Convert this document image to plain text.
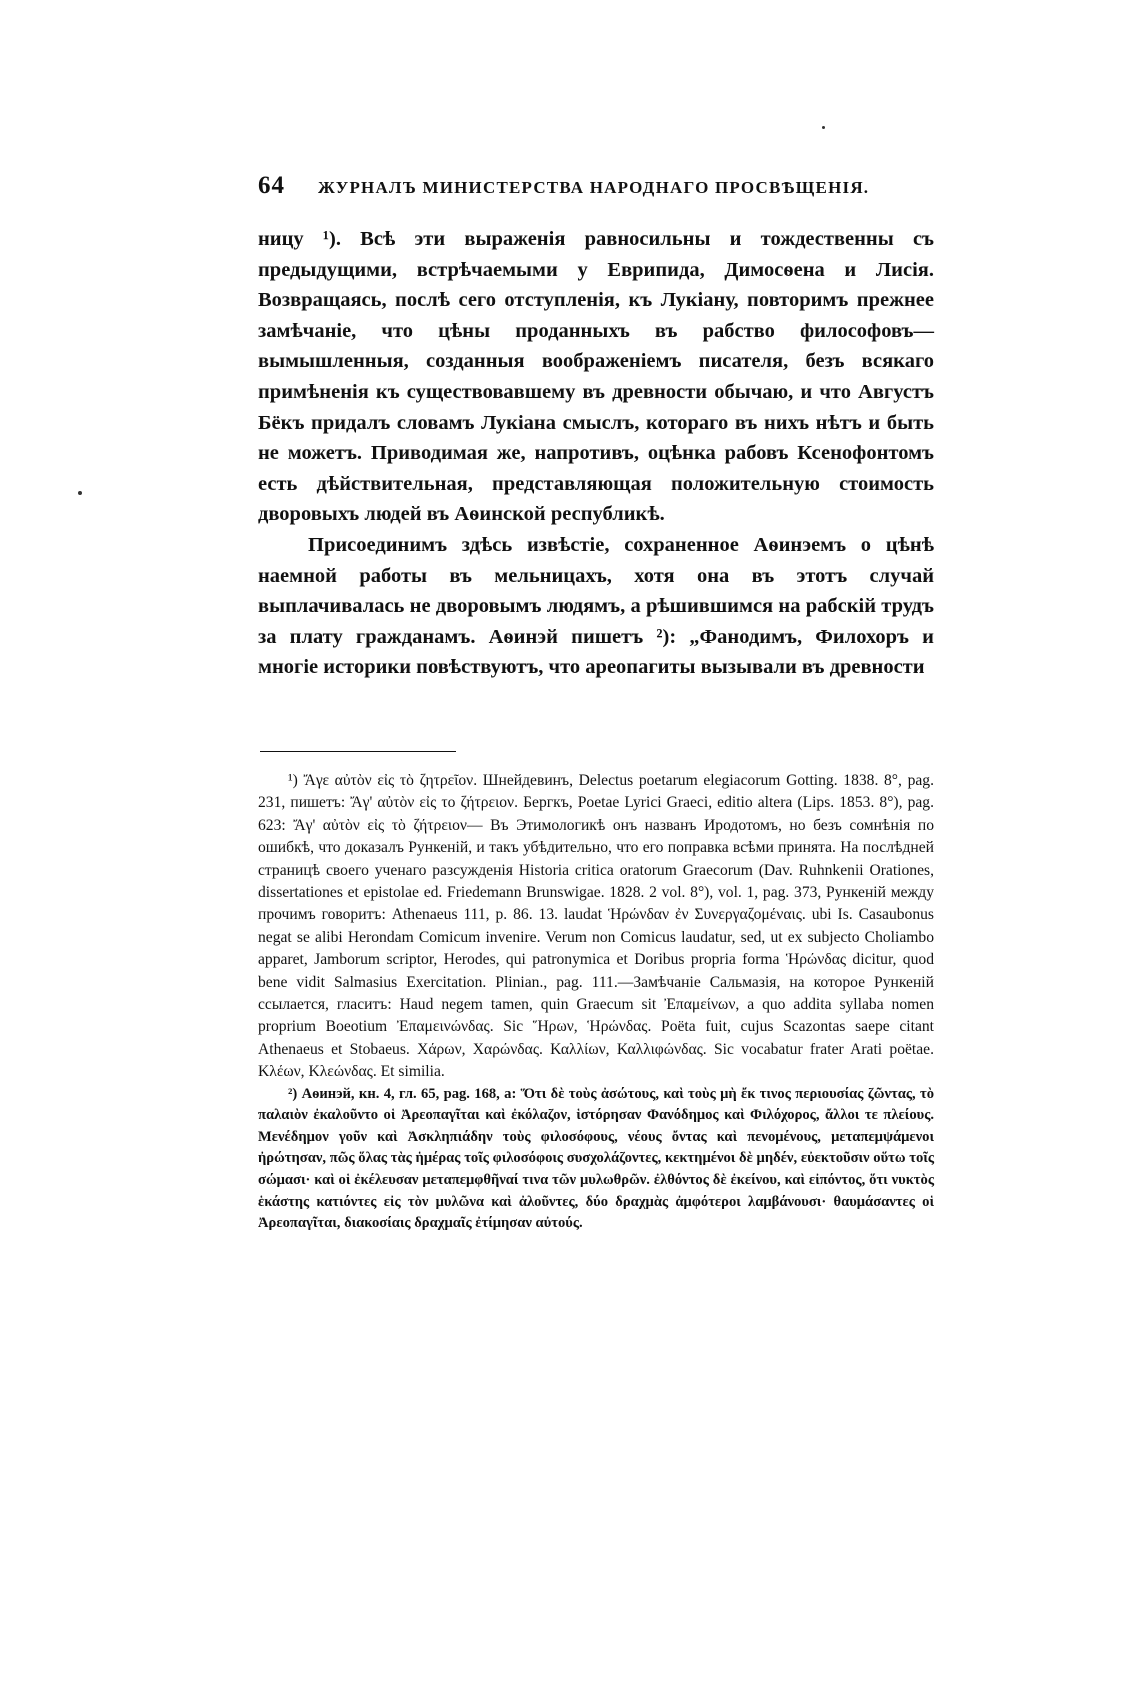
64 ЖУРНАЛЪ МИНИСТЕРСТВА НАРОДНАГО ПРОСВѢЩЕНІЯ.

ницу ¹). Всѣ эти выраженія равносильны и тождественны съ предыдущими, встрѣчаемыми у Еврипида, Димосѳена и Лисія. Возвращаясь, послѣ сего отступленія, къ Лукіану, повторимъ прежнее замѣчаніе, что цѣны проданныхъ въ рабство философовъ—вымышленныя, созданныя воображеніемъ писателя, безъ всякаго примѣненія къ существовавшему въ древности обычаю, и что Августъ Бёкъ придалъ словамъ Лукіана смыслъ, котораго въ нихъ нѣтъ и быть не можетъ. Приводимая же, напротивъ, оцѣнка рабовъ Ксенофонтомъ есть дѣйствительная, представляющая положительную стоимость дворовыхъ людей въ Аѳинской республикѣ.

Присоединимъ здѣсь извѣстіе, сохраненное Аѳинэемъ о цѣнѣ наемной работы въ мельницахъ, хотя она въ этотъ случай выплачивалась не дворовымъ людямъ, а рѣшившимся на рабскій трудъ за плату гражданамъ. Аѳинэй пишетъ ²): „Фанодимъ, Филохоръ и многіе историки повѣствуютъ, что ареопагиты вызывали въ древности

¹) Ἄγε αὐτὸν εἰς τὸ ζητρεῖον. Шнейдевинъ, Delectus poetarum elegiacorum Gotting. 1838. 8°, pag. 231, пишетъ: Ἄγ' αὐτὸν εἰς το ζήτρειον. Бергкъ, Poetae Lyrici Graeci, editio altera (Lips. 1853. 8°), pag. 623: Ἄγ' αὐτὸν εἰς τὸ ζήτρειον— Въ Этимологикѣ онъ названъ Иродотомъ, но безъ сомнѣнія по ошибкѣ, что доказалъ Рункеній, и такъ убѣдительно, что его поправка всѣми принята. На послѣдней страницѣ своего ученаго разсужденія Historia critica oratorum Graecorum (Dav. Ruhnkenii Orationes, dissertationes et epistolae ed. Friedemann Brunswigae. 1828. 2 vol. 8°), vol. 1, pag. 373, Рункеній между прочимъ говоритъ: Athenaeus 111, p. 86. 13. laudat Ἡρώνδαν ἐν Συνεργαζομέναις. ubi Is. Casaubonus negat se alibi Herondam Comicum invenire. Verum non Comicus laudatur, sed, ut ex subjecto Choliambo apparet, Jamborum scriptor, Herodes, qui patronymica et Doribus propria forma Ἡρώνδας dicitur, quod bene vidit Salmasius Exercitation. Plinian., pag. 111.—Замѣчаніе Сальмазія, на которое Рункеній ссылается, гласитъ: Haud negem tamen, quin Graecum sit Ἐπαμείνων, a quo addita syllaba nomen proprium Boeotium Ἐπαμεινώνδας. Sic Ἥρων, Ἡρώνδας. Poëta fuit, cujus Scazontas saepe citant Athenaeus et Stobaeus. Χάρων, Χαρώνδας. Καλλίων, Καλλιφώνδας. Sic vocabatur frater Arati poëtae. Κλέων, Κλεώνδας. Et similia.

²) Аѳинэй, кн. 4, гл. 65, pag. 168, a: Ὅτι δὲ τοὺς ἀσώτους, καὶ τοὺς μὴ ἔκ τινος περιουσίας ζῶντας, τὸ παλαιὸν ἐκαλοῦντο οἱ Ἀρεοπαγῖται καὶ ἐκόλαζον, ἱστόρησαν Φανόδημος καὶ Φιλόχορος, ἄλλοι τε πλείους. Μενέδημον γοῦν καὶ Ἀσκληπιάδην τοὺς φιλοσόφους, νέους ὄντας καὶ πενομένους, μεταπεμψάμενοι ἠρώτησαν, πῶς ὅλας τὰς ἡμέρας τοῖς φιλοσόφοις συσχολάζοντες, κεκτημένοι δὲ μηδέν, εὐεκτοῦσιν οὕτω τοῖς σώμασι· καὶ οἱ ἐκέλευσαν μεταπεμφθῆναί τινα τῶν μυλωθρῶν. ἐλθόντος δὲ ἐκείνου, καὶ εἰπόντος, ὅτι νυκτὸς ἑκάστης κατιόντες εἰς τὸν μυλῶνα καὶ ἀλοῦντες, δύο δραχμὰς ἀμφότεροι λαμβάνουσι· θαυμάσαντες οἱ Ἀρεοπαγῖται, διακοσίαις δραχμαῖς ἐτίμησαν αὐτούς.
